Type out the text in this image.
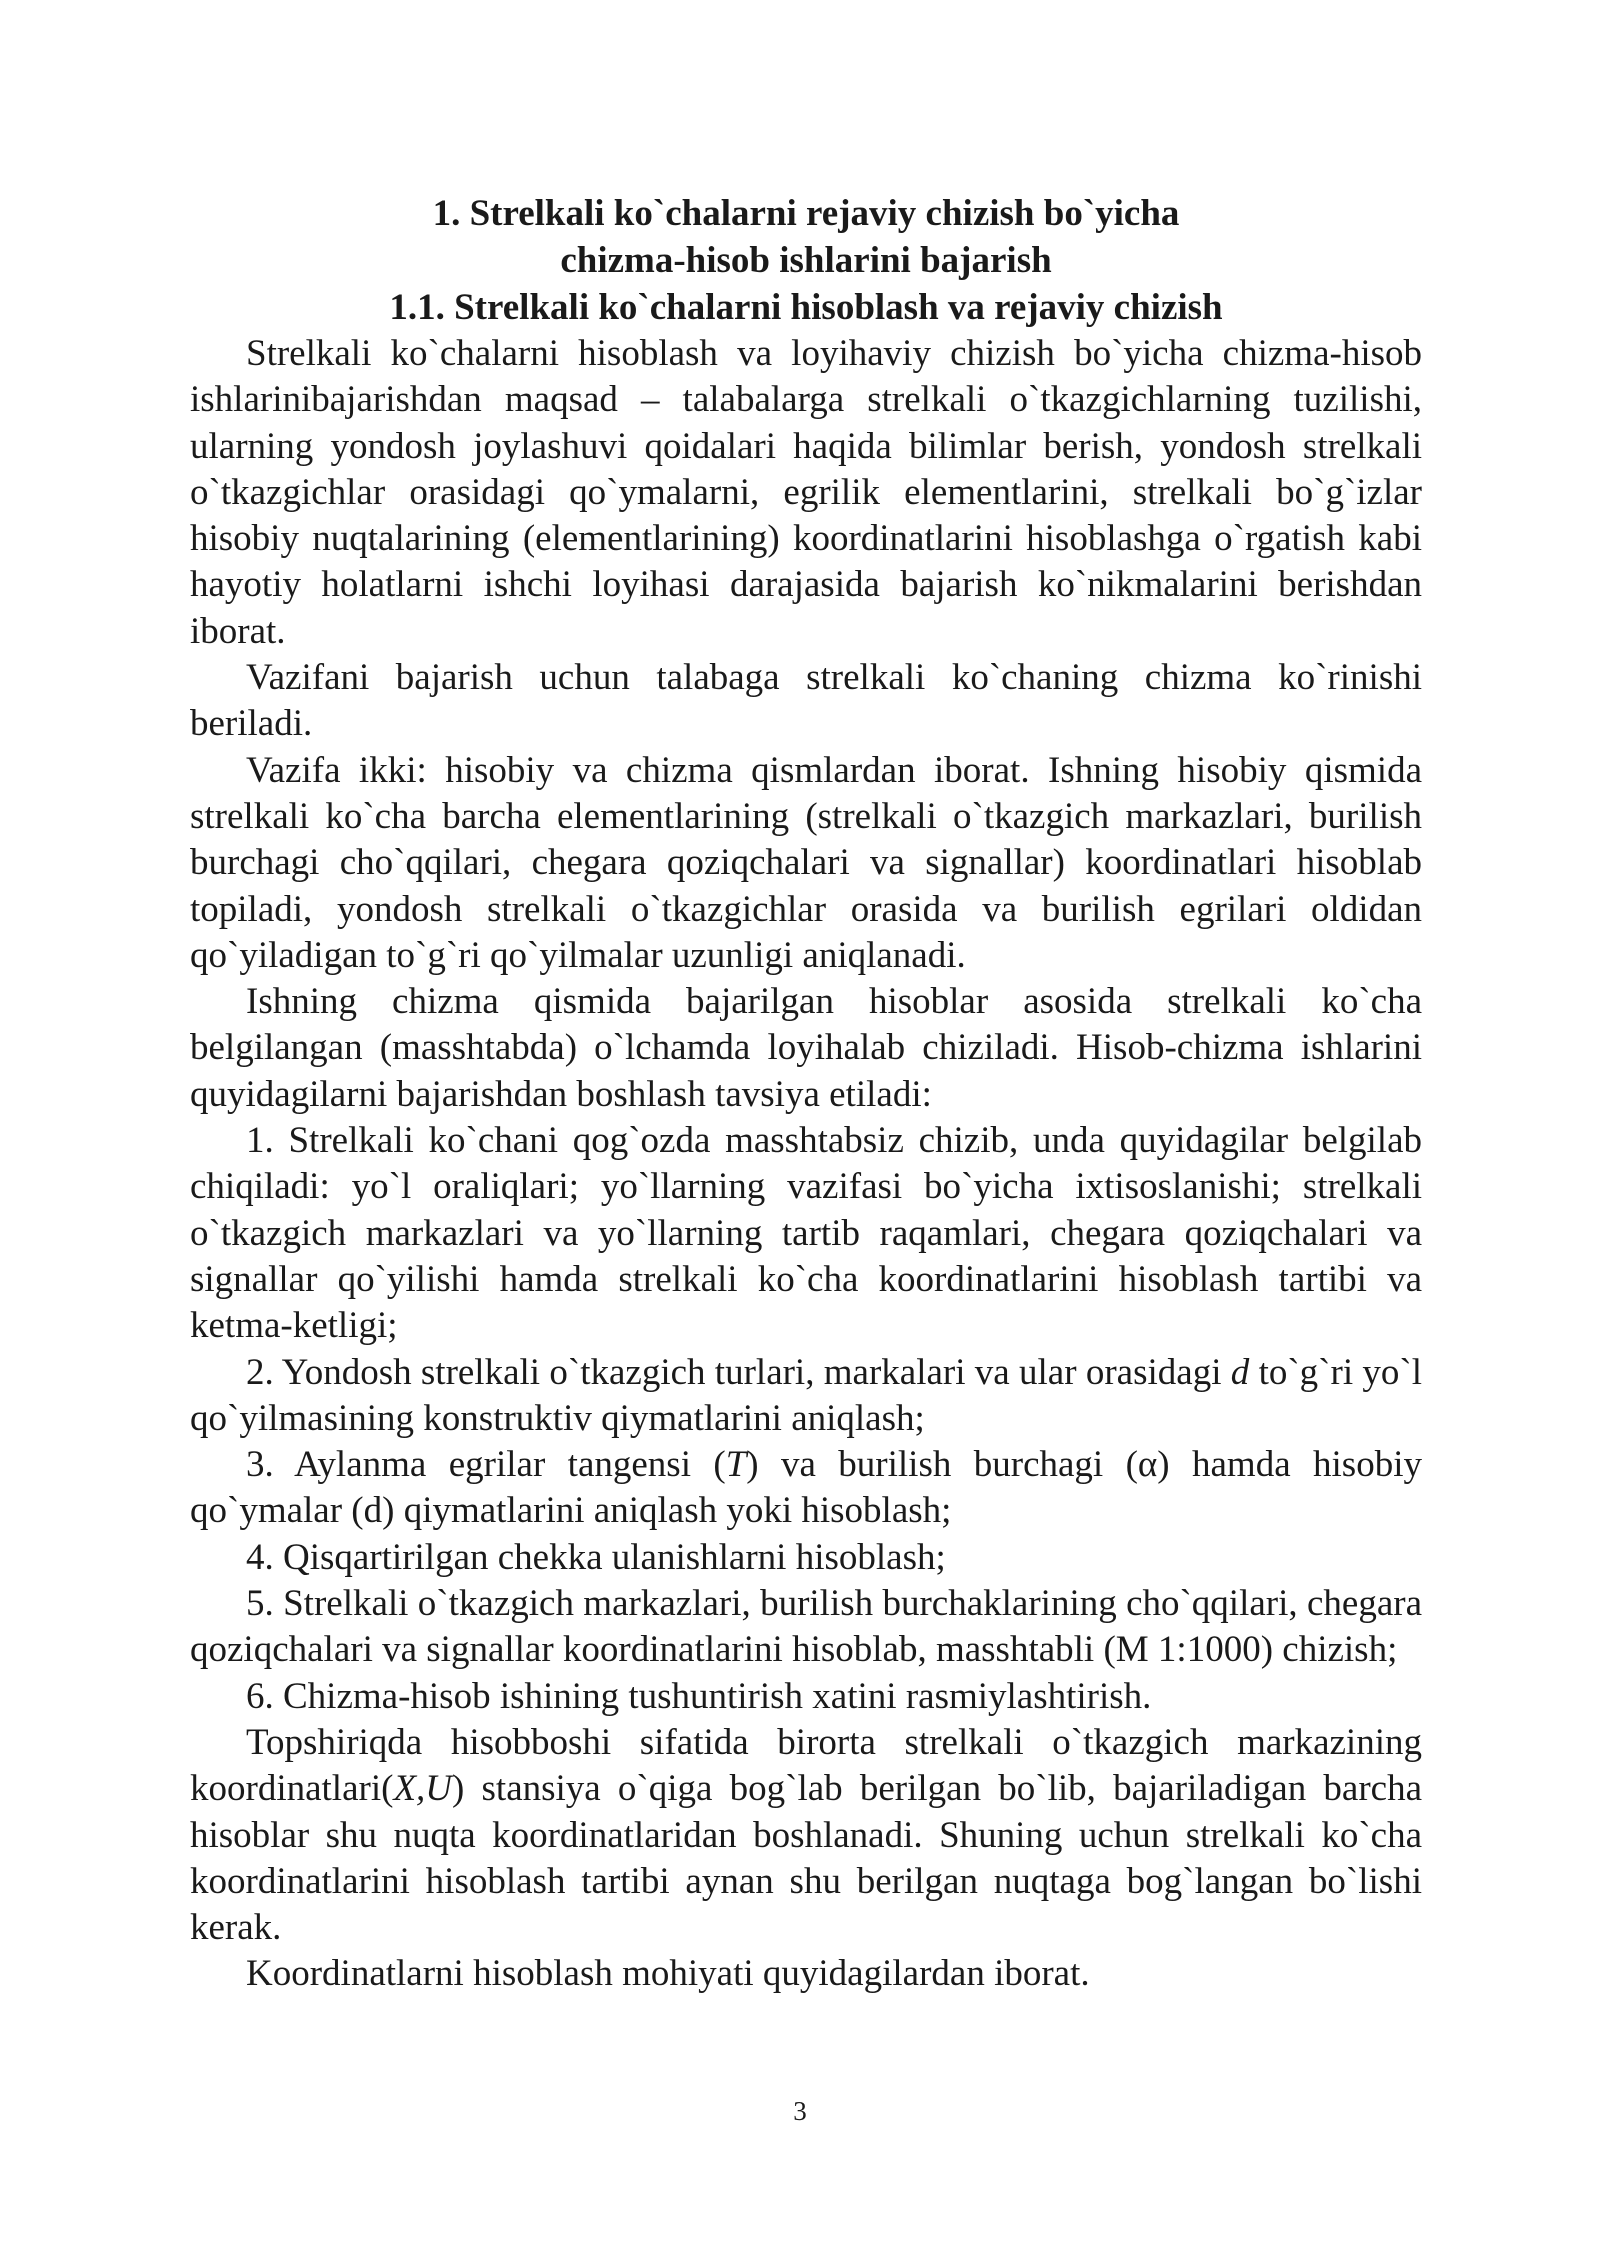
1. Strelkali ko`chalarni rejaviy chizish bo`yicha

chizma-hisob ishlarini bajarish

1.1. Strelkali ko`chalarni hisoblash va rejaviy chizish

Strelkali ko`chalarni hisoblash va loyihaviy chizish bo`yicha chizma-hisob ishlarinibajarishdan maqsad – talabalarga strelkali o`tkazgichlarning tuzilishi, ularning yondosh joylashuvi qoidalari haqida bilimlar berish, yondosh strelkali o`tkazgichlar orasidagi qo`ymalarni, egrilik elementlarini, strelkali bo`g`izlar hisobiy nuqtalarining (elementlarining) koordinatlarini hisoblashga o`rgatish kabi hayotiy holatlarni ishchi loyihasi darajasida bajarish ko`nikmalarini berishdan iborat.

Vazifani bajarish uchun talabaga strelkali ko`chaning chizma ko`rinishi beriladi.

Vazifa ikki: hisobiy va chizma qismlardan iborat. Ishning hisobiy qismida strelkali ko`cha barcha elementlarining (strelkali o`tkazgich markazlari, burilish burchagi cho`qqilari, chegara qoziqchalari va signallar) koordinatlari hisoblab topiladi, yondosh strelkali o`tkazgichlar orasida va burilish egrilari oldidan qo`yiladigan to`g`ri qo`yilmalar uzunligi aniqlanadi.

Ishning chizma qismida bajarilgan hisoblar asosida strelkali ko`cha belgilangan (masshtabda) o`lchamda loyihalab chiziladi. Hisob-chizma ishlarini quyidagilarni bajarishdan boshlash tavsiya etiladi:

1. Strelkali ko`chani qog`ozda masshtabsiz chizib, unda quyidagilar belgilab chiqiladi: yo`l oraliqlari; yo`llarning vazifasi bo`yicha ixtisoslanishi; strelkali o`tkazgich markazlari va yo`llarning tartib raqamlari, chegara qoziqchalari va signallar qo`yilishi hamda strelkali ko`cha koordinatlarini hisoblash tartibi va ketma-ketligi;

2. Yondosh strelkali o`tkazgich turlari, markalari va ular orasidagi d to`g`ri yo`l qo`yilmasining konstruktiv qiymatlarini aniqlash;

3. Aylanma egrilar tangensi (T) va burilish burchagi (α) hamda hisobiy qo`ymalar (d) qiymatlarini aniqlash yoki hisoblash;

4. Qisqartirilgan chekka ulanishlarni hisoblash;

5. Strelkali o`tkazgich markazlari, burilish burchaklarining cho`qqilari, chegara qoziqchalari va signallar koordinatlarini hisoblab, masshtabli (M 1:1000) chizish;

6. Chizma-hisob ishining tushuntirish xatini rasmiylashtirish.

Topshiriqda hisobboshi sifatida birorta strelkali o`tkazgich markazining koordinatlari(X,U) stansiya o`qiga bog`lab berilgan bo`lib, bajariladigan barcha hisoblar shu nuqta koordinatlaridan boshlanadi. Shuning uchun strelkali ko`cha koordinatlarini hisoblash tartibi aynan shu berilgan nuqtaga bog`langan bo`lishi kerak.

Koordinatlarni hisoblash mohiyati quyidagilardan iborat.

3
